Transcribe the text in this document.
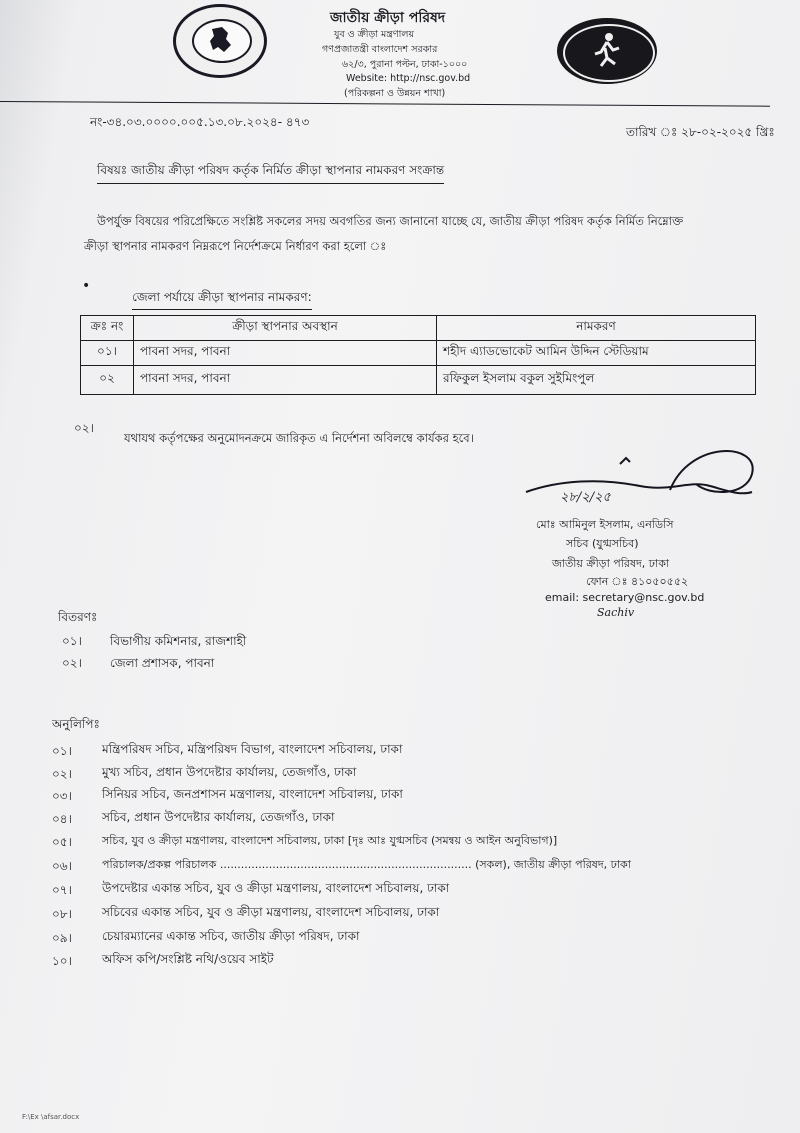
জাতীয় ক্রীড়া পরিষদ
যুব ও ক্রীড়া মন্ত্রণালয়
গণপ্রজাতন্ত্রী বাংলাদেশ সরকার
৬২/৩, পুরানা পল্টন, ঢাকা-১০০০
Website: http://nsc.gov.bd
(পরিকল্পনা ও উন্নয়ন শাখা)
নং-৩৪.০৩.০০০০.০০৫.১৩.০৮.২০২৪- ৪৭৩
তারিখ ঃ ২৮-০২-২০২৫ খ্রিঃ
বিষয়ঃ জাতীয় ক্রীড়া পরিষদ কর্তৃক নির্মিত ক্রীড়া স্থাপনার নামকরণ সংক্রান্ত
উপর্যুক্ত বিষয়ের পরিপ্রেক্ষিতে সংশ্লিষ্ট সকলের সদয় অবগতির জন্য জানানো যাচ্ছে যে, জাতীয় ক্রীড়া পরিষদ কর্তৃক নির্মিত নিম্নোক্ত
ক্রীড়া স্থাপনার নামকরণ নিম্নরূপে নির্দেশক্রমে নির্ধারণ করা হলো ঃ
•
জেলা পর্যায়ে ক্রীড়া স্থাপনার নামকরণ:
ক্রঃ নং	ক্রীড়া স্থাপনার অবস্থান	নামকরণ
০১।	পাবনা সদর, পাবনা	শহীদ এ্যাডভোকেট আমিন উদ্দিন স্টেডিয়াম
০২	পাবনা সদর, পাবনা	রফিকুল ইসলাম বকুল সুইমিংপুল
০২।
যথাযথ কর্তৃপক্ষের অনুমোদনক্রমে জারিকৃত এ নির্দেশনা অবিলম্বে কার্যকর হবে।
২৮/২/২৫
মোঃ আমিনুল ইসলাম, এনডিসি
সচিব (যুগ্মসচিব)
জাতীয় ক্রীড়া পরিষদ, ঢাকা
ফোন ঃ ৪১০৫০৫৫২
email: secretary@nsc.gov.bd
Sachiv
বিতরণঃ
০১। বিভাগীয় কমিশনার, রাজশাহী
০২। জেলা প্রশাসক, পাবনা
অনুলিপিঃ
০১।	মন্ত্রিপরিষদ সচিব, মন্ত্রিপরিষদ বিভাগ, বাংলাদেশ সচিবালয়, ঢাকা
০২।	মুখ্য সচিব, প্রধান উপদেষ্টার কার্যালয়, তেজগাঁও, ঢাকা
০৩।	সিনিয়র সচিব, জনপ্রশাসন মন্ত্রণালয়, বাংলাদেশ সচিবালয়, ঢাকা
০৪।	সচিব, প্রধান উপদেষ্টার কার্যালয়, তেজগাঁও, ঢাকা
০৫।	সচিব, যুব ও ক্রীড়া মন্ত্রণালয়, বাংলাদেশ সচিবালয়, ঢাকা [দৃঃ আঃ যুগ্মসচিব (সমন্বয় ও আইন অনুবিভাগ)]
০৬।	পরিচালক/প্রকল্প পরিচালক ........................................................................ (সকল), জাতীয় ক্রীড়া পরিষদ, ঢাকা
০৭।	উপদেষ্টার একান্ত সচিব, যুব ও ক্রীড়া মন্ত্রণালয়, বাংলাদেশ সচিবালয়, ঢাকা
০৮।	সচিবের একান্ত সচিব, যুব ও ক্রীড়া মন্ত্রণালয়, বাংলাদেশ সচিবালয়, ঢাকা
০৯।	চেয়ারম্যানের একান্ত সচিব, জাতীয় ক্রীড়া পরিষদ, ঢাকা
১০।	অফিস কপি/সংশ্লিষ্ট নথি/ওয়েব সাইট
F:\Ex \afsar.docx
